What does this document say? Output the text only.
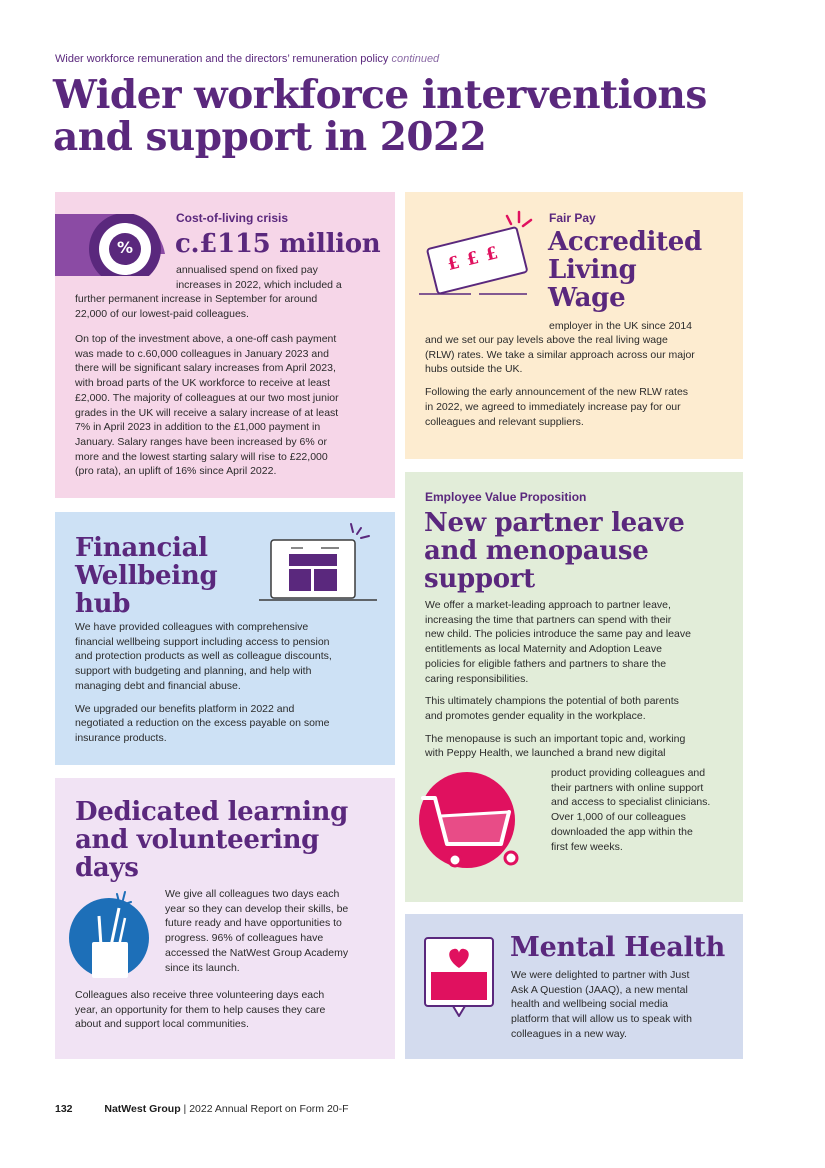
Wider workforce remuneration and the directors’ remuneration policy continued
Wider workforce interventions
and support in 2022
%
Cost-of-living crisis
c.£115 million
annualised spend on fixed pay
increases in 2022, which included a
further permanent increase in September for around
22,000 of our lowest-paid colleagues.
On top of the investment above, a one-off cash payment
was made to c.60,000 colleagues in January 2023 and
there will be significant salary increases from April 2023,
with broad parts of the UK workforce to receive at least
£2,000. The majority of colleagues at our two most junior
grades in the UK will receive a salary increase of at least
7% in April 2023 in addition to the £1,000 payment in
January. Salary ranges have been increased by 6% or
more and the lowest starting salary will rise to £22,000
(pro rata), an uplift of 16% since April 2022.
£ £ £
Fair Pay
Accredited
Living
Wage
employer in the UK since 2014
and we set our pay levels above the real living wage
(RLW) rates. We take a similar approach across our major
hubs outside the UK.
Following the early announcement of the new RLW rates
in 2022, we agreed to immediately increase pay for our
colleagues and relevant suppliers.
Financial
Wellbeing
hub
We have provided colleagues with comprehensive
financial wellbeing support including access to pension
and protection products as well as colleague discounts,
support with budgeting and planning, and help with
managing debt and financial abuse.
We upgraded our benefits platform in 2022 and
negotiated a reduction on the excess payable on some
insurance products.
Employee Value Proposition
New partner leave
and menopause
support
We offer a market-leading approach to partner leave,
increasing the time that partners can spend with their
new child. The policies introduce the same pay and leave
entitlements as local Maternity and Adoption Leave
policies for eligible fathers and partners to share the
caring responsibilities.
This ultimately champions the potential of both parents
and promotes gender equality in the workplace.
The menopause is such an important topic and, working
with Peppy Health, we launched a brand new digital
product providing colleagues and
their partners with online support
and access to specialist clinicians.
Over 1,000 of our colleagues
downloaded the app within the
first few weeks.
Dedicated learning
and volunteering
days
We give all colleagues two days each
year so they can develop their skills, be
future ready and have opportunities to
progress. 96% of colleagues have
accessed the NatWest Group Academy
since its launch.
Colleagues also receive three volunteering days each
year, an opportunity for them to help causes they care
about and support local communities.
Mental Health
We were delighted to partner with Just
Ask A Question (JAAQ), a new mental
health and wellbeing social media
platform that will allow us to speak with
colleagues in a new way.
132	NatWest Group | 2022 Annual Report on Form 20-F
